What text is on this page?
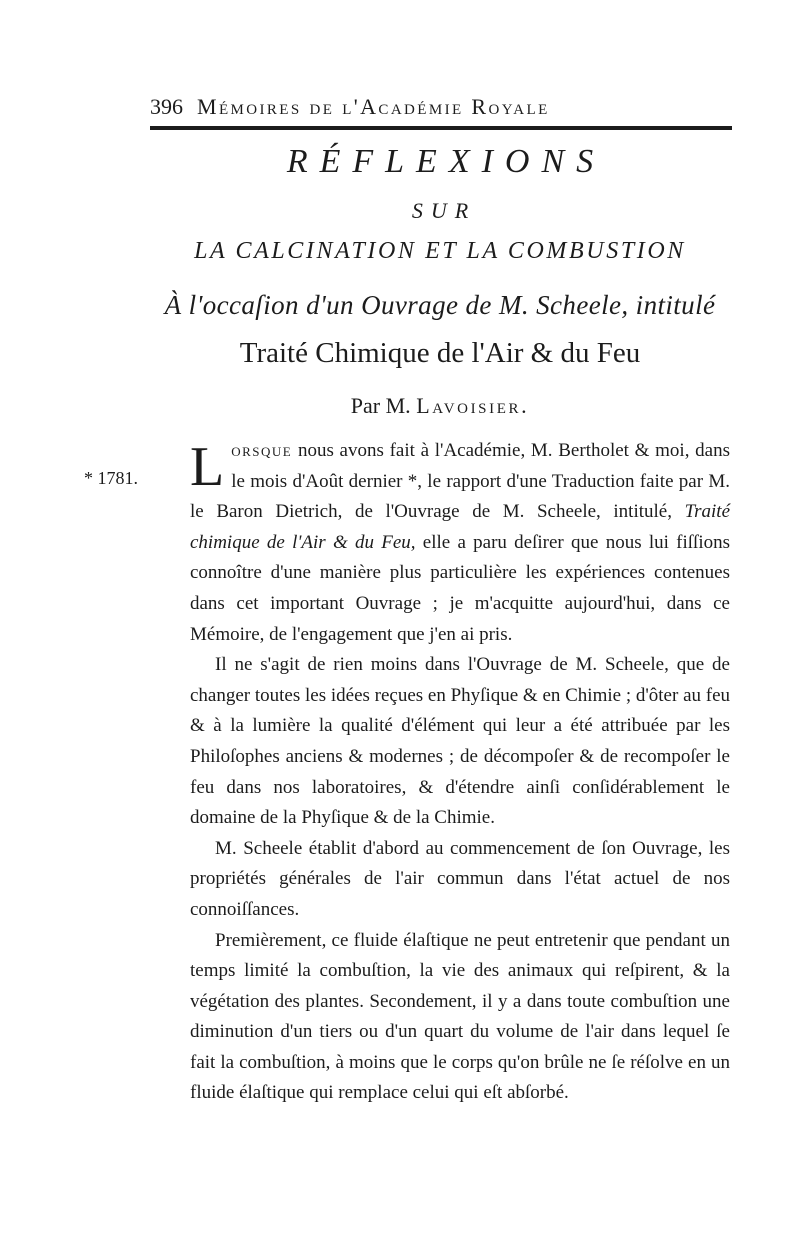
396 Mémoires de l'Académie Royale
RÉFLEXIONS
SUR
LA CALCINATION ET LA COMBUSTION
À l'occaſion d'un Ouvrage de M. Scheele, intitulé
Traité Chimique de l'Air & du Feu
Par M. Lavoisier.
* 1781. Lorsque nous avons fait à l'Académie, M. Bertholet & moi, dans le mois d'Août dernier *, le rapport d'une Traduction faite par M. le Baron Dietrich, de l'Ouvrage de M. Scheele, intitulé, Traité chimique de l'Air & du Feu, elle a paru deſirer que nous lui fiſſions connoître d'une manière plus particulière les expériences contenues dans cet important Ouvrage ; je m'acquitte aujourd'hui, dans ce Mémoire, de l'engagement que j'en ai pris.

Il ne s'agit de rien moins dans l'Ouvrage de M. Scheele, que de changer toutes les idées reçues en Phyſique & en Chimie ; d'ôter au feu & à la lumière la qualité d'élément qui leur a été attribuée par les Philoſophes anciens & modernes ; de décompoſer & de recompoſer le feu dans nos laboratoires, & d'étendre ainſi conſidérablement le domaine de la Phyſique & de la Chimie.

M. Scheele établit d'abord au commencement de ſon Ouvrage, les propriétés générales de l'air commun dans l'état actuel de nos connoiſſances.

Premièrement, ce fluide élaſtique ne peut entretenir que pendant un temps limité la combuſtion, la vie des animaux qui reſpirent, & la végétation des plantes. Secondement, il y a dans toute combuſtion une diminution d'un tiers ou d'un quart du volume de l'air dans lequel ſe fait la combuſtion, à moins que le corps qu'on brûle ne ſe réſolve en un fluide élaſtique qui remplace celui qui eſt abſorbé.
